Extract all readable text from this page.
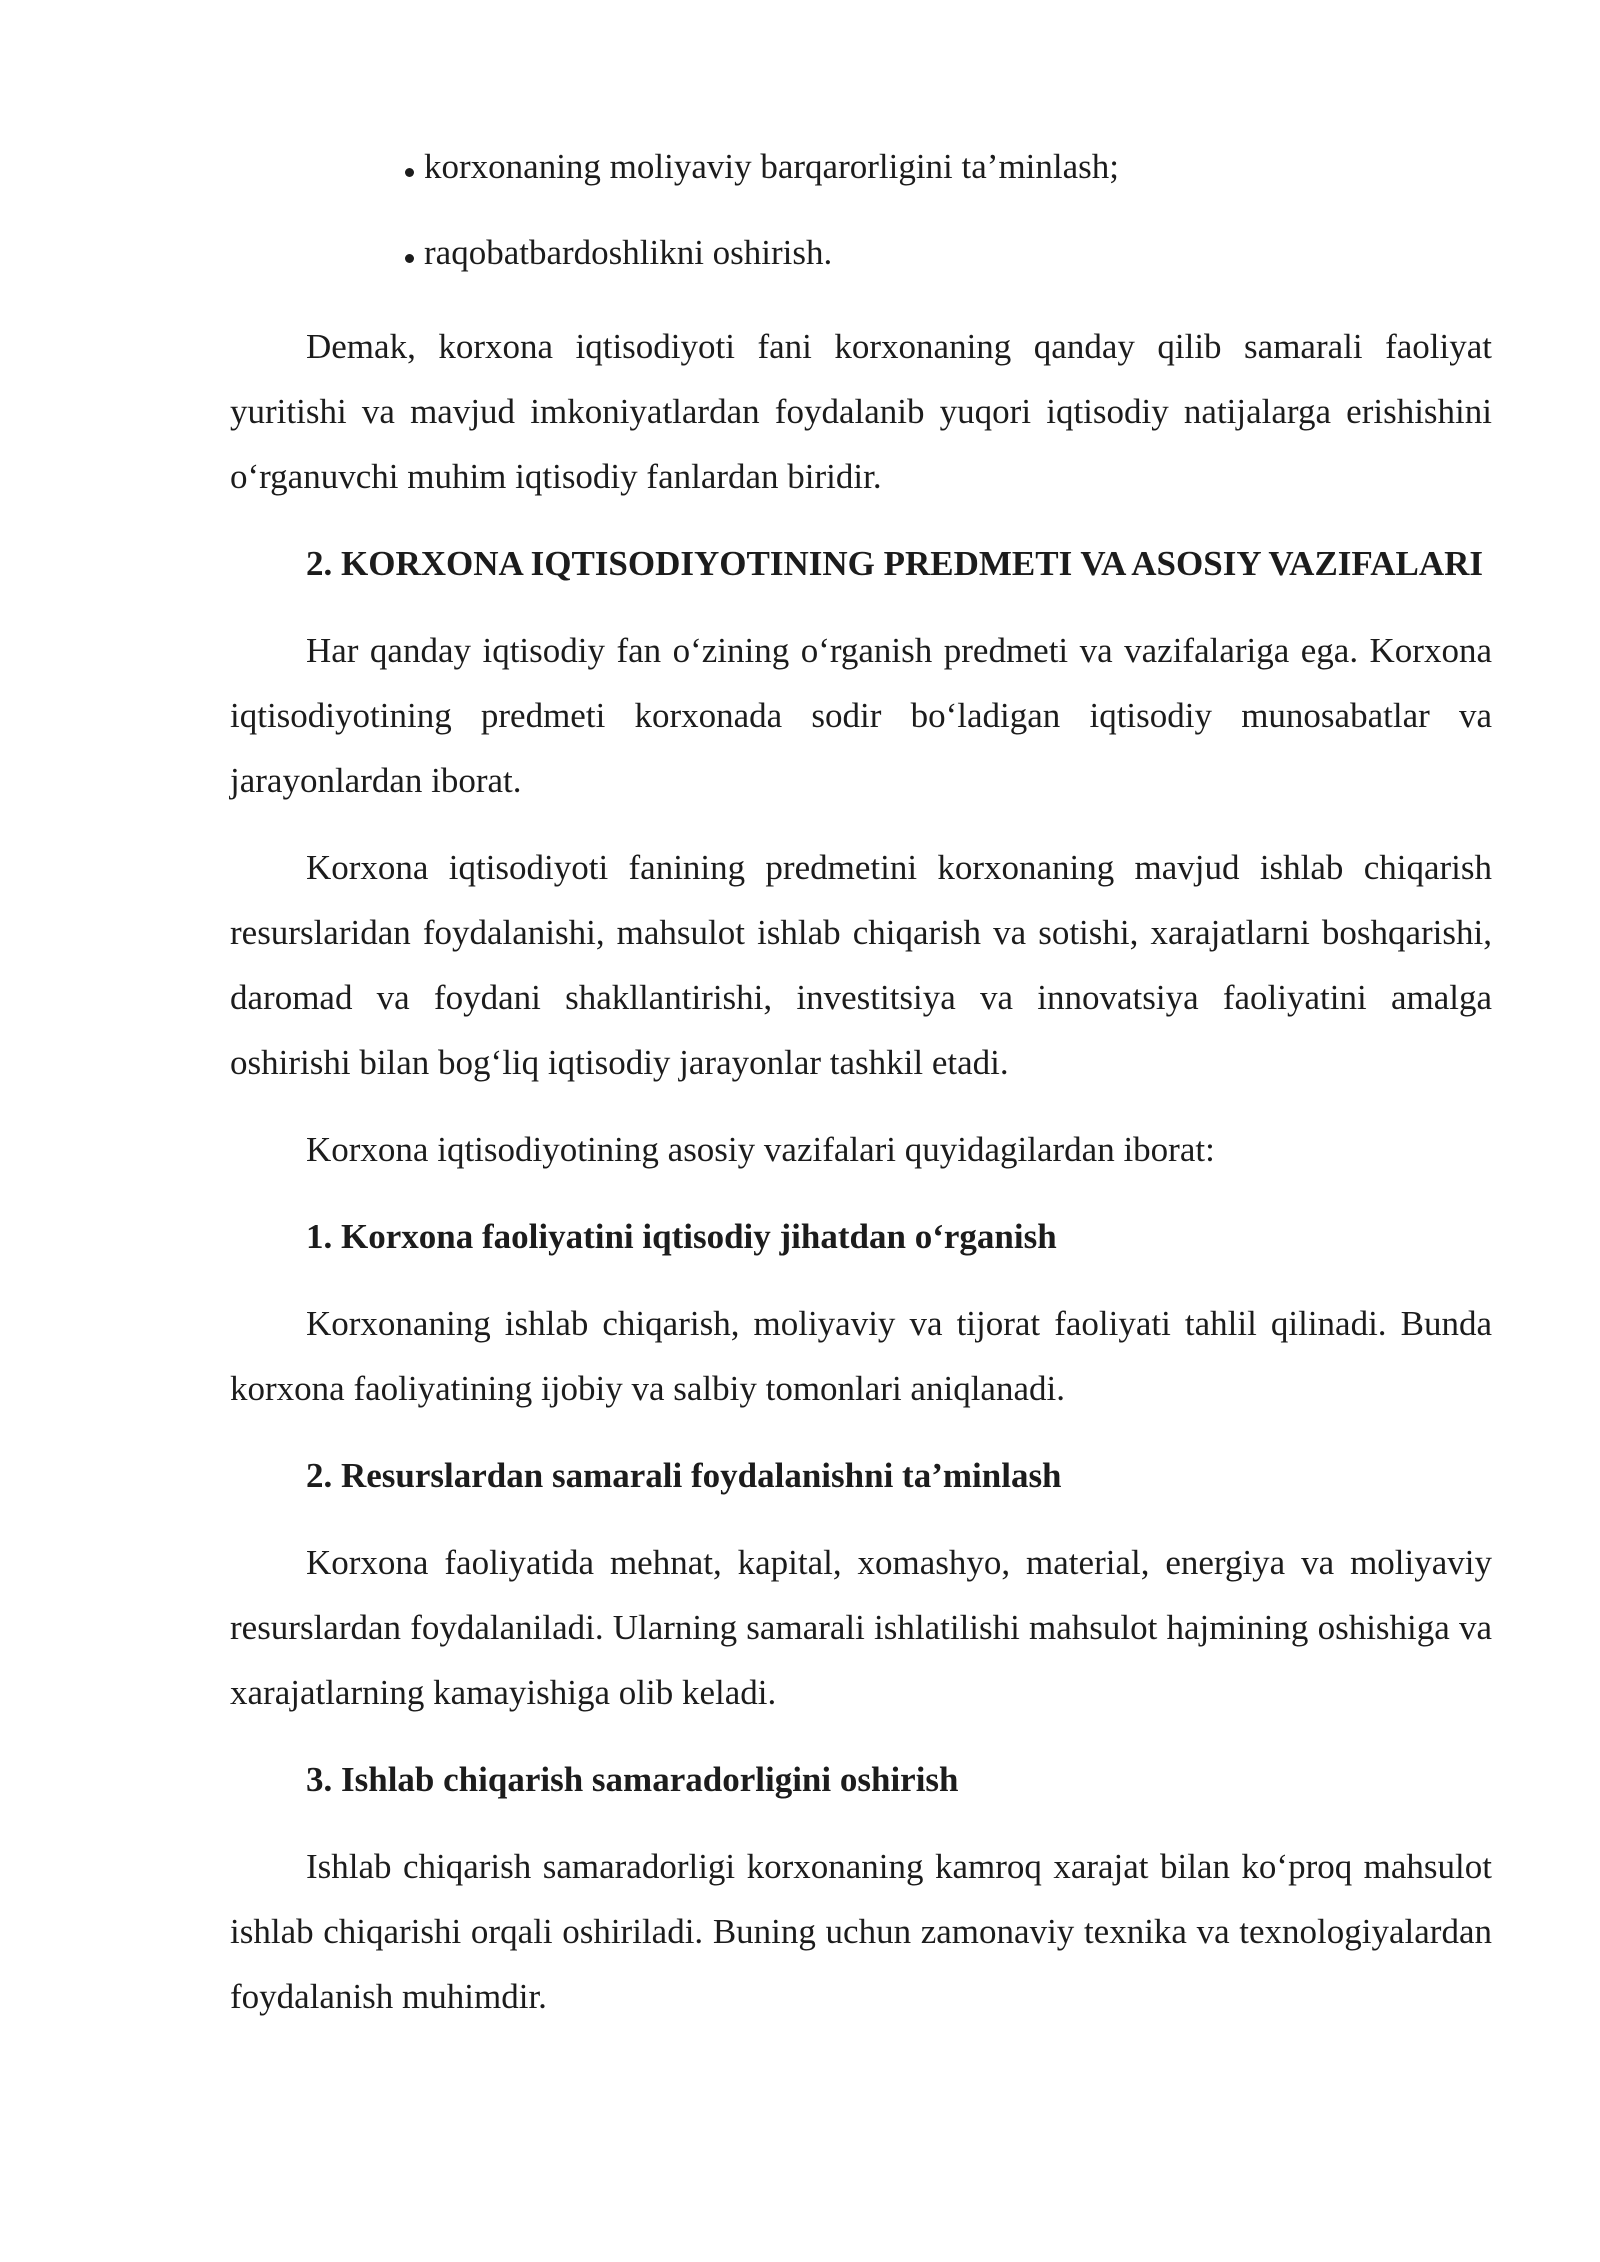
korxonaning moliyaviy barqarorligini ta’minlash;
raqobatbardoshlikni oshirish.

Demak, korxona iqtisodiyoti fani korxonaning qanday qilib samarali faoliyat yuritishi va mavjud imkoniyatlardan foydalanib yuqori iqtisodiy natijalarga erishishini o‘rganuvchi muhim iqtisodiy fanlardan biridir.

2. KORXONA IQTISODIYOTINING PREDMETI VA ASOSIY VAZIFALARI

Har qanday iqtisodiy fan o‘zining o‘rganish predmeti va vazifalariga ega. Korxona iqtisodiyotining predmeti korxonada sodir bo‘ladigan iqtisodiy munosabatlar va jarayonlardan iborat.

Korxona iqtisodiyoti fanining predmetini korxonaning mavjud ishlab chiqarish resurslaridan foydalanishi, mahsulot ishlab chiqarish va sotishi, xarajatlarni boshqarishi, daromad va foydani shakllantirishi, investitsiya va innovatsiya faoliyatini amalga oshirishi bilan bog‘liq iqtisodiy jarayonlar tashkil etadi.

Korxona iqtisodiyotining asosiy vazifalari quyidagilardan iborat:

1. Korxona faoliyatini iqtisodiy jihatdan o‘rganish

Korxonaning ishlab chiqarish, moliyaviy va tijorat faoliyati tahlil qilinadi. Bunda korxona faoliyatining ijobiy va salbiy tomonlari aniqlanadi.

2. Resurslardan samarali foydalanishni ta’minlash

Korxona faoliyatida mehnat, kapital, xomashyo, material, energiya va moliyaviy resurslardan foydalaniladi. Ularning samarali ishlatilishi mahsulot hajmining oshishiga va xarajatlarning kamayishiga olib keladi.

3. Ishlab chiqarish samaradorligini oshirish

Ishlab chiqarish samaradorligi korxonaning kamroq xarajat bilan ko‘proq mahsulot ishlab chiqarishi orqali oshiriladi. Buning uchun zamonaviy texnika va texnologiyalardan foydalanish muhimdir.
